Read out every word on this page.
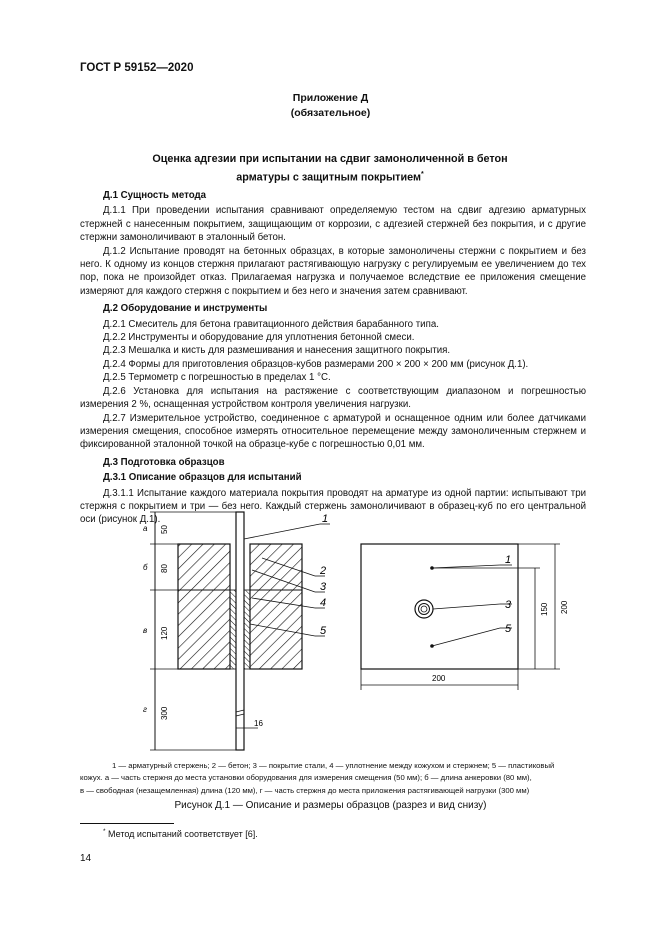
ГОСТ Р 59152—2020
Приложение Д
(обязательное)
Оценка адгезии при испытании на сдвиг замоноличенной в бетон
арматуры с защитным покрытием*

Д.1 Сущность метода

Д.1.1 При проведении испытания сравнивают определяемую тестом на сдвиг адгезию арматурных стержней с нанесенным покрытием, защищающим от коррозии, с адгезией стержней без покрытия, и с другие стержни замоноличивают в эталонный бетон.

Д.1.2 Испытание проводят на бетонных образцах, в которые замоноличены стержни с покрытием и без него. К одному из концов стержня прилагают растягивающую нагрузку с регулируемым ее увеличением до тех пор, пока не произойдет отказ. Прилагаемая нагрузка и получаемое вследствие ее приложения смещение измеряют для каждого стержня с покрытием и без него и значения затем сравнивают.

Д.2 Оборудование и инструменты

Д.2.1 Смеситель для бетона гравитационного действия барабанного типа.

Д.2.2 Инструменты и оборудование для уплотнения бетонной смеси.

Д.2.3 Мешалка и кисть для размешивания и нанесения защитного покрытия.

Д.2.4 Формы для приготовления образцов-кубов размерами 200 × 200 × 200 мм (рисунок Д.1).

Д.2.5 Термометр с погрешностью в пределах 1 °С.

Д.2.6 Установка для испытания на растяжение с соответствующим диапазоном и погрешностью измерения 2 %, оснащенная устройством контроля увеличения нагрузки.

Д.2.7 Измерительное устройство, соединенное с арматурой и оснащенное одним или более датчиками измерения смещения, способное измерять относительное перемещение между замоноличенным стержнем и фиксированной эталонной точкой на образце-кубе с погрешностью 0,01 мм.

Д.3 Подготовка образцов

Д.3.1 Описание образцов для испытаний

Д.3.1.1 Испытание каждого материала покрытия проводят на арматуре из одной партии: испытывают три стержня с покрытием и три — без него. Каждый стержень замоноличивают в образец-куб по его центральной оси (рисунок Д.1).

а
б
в
г
50
80
120
300
16
1
2
3
4
5
1
3
5
150 200
200

1 — арматурный стержень; 2 — бетон; 3 — покрытие стали, 4 — уплотнение между кожухом и стержнем; 5 — пластиковый

кожух. а — часть стержня до места установки оборудования для измерения смещения (50 мм); б — длина анкеровки (80 мм),

в — свободная (незащемленная) длина (120 мм), г — часть стержня до места приложения растягивающей нагрузки (300 мм)

Рисунок Д.1 — Описание и размеры образцов (разрез и вид снизу)
* Метод испытаний соответствует [6].
14
